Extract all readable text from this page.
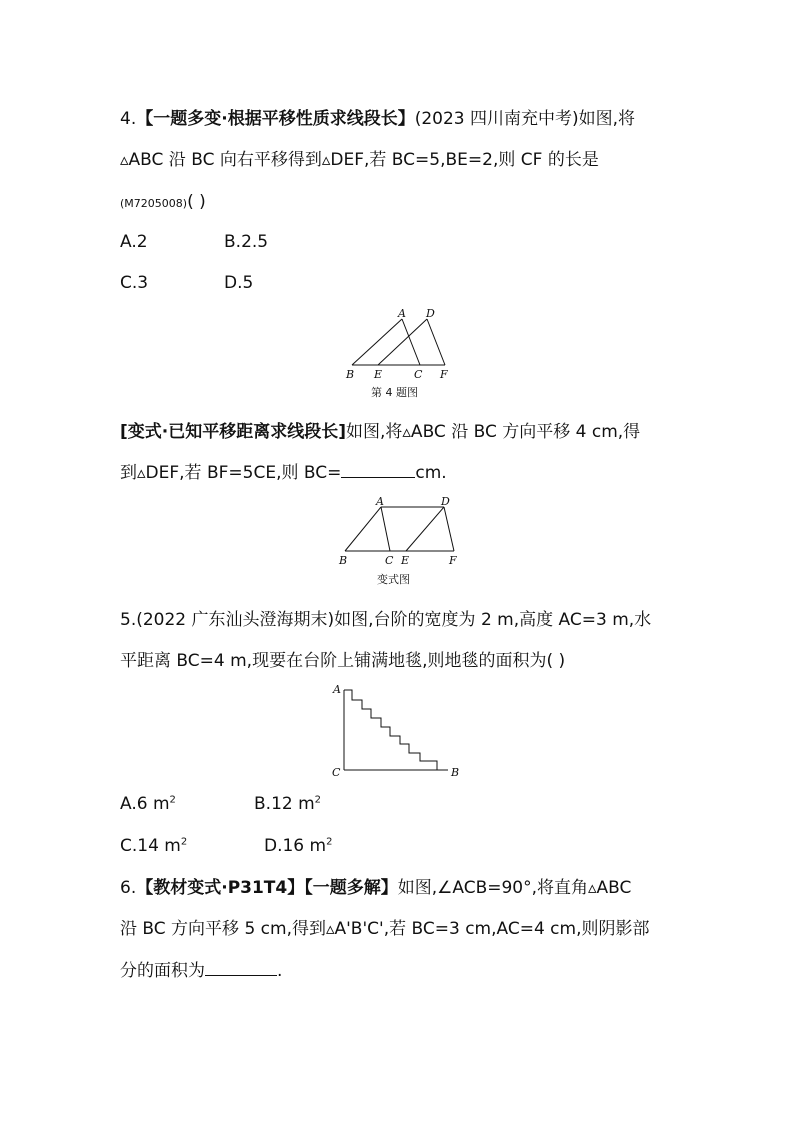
4.【一题多变·根据平移性质求线段长】(2023 四川南充中考)如图,将
▵ABC 沿 BC 向右平移得到▵DEF,若 BC=5,BE=2,则 CF 的长是
(M7205008)( )
A.2	B.2.5
C.3	D.5
A D
B E	C F
第 4 题图
[变式·已知平移距离求线段长]如图,将▵ABC 沿 BC 方向平移 4 cm,得
到▵DEF,若 BF=5CE,则 BC=	cm.
A	D
B	C E	F
变式图
5.(2022 广东汕头澄海期末)如图,台阶的宽度为 2 m,高度 AC=3 m,水
平距离 BC=4 m,现要在台阶上铺满地毯,则地毯的面积为( )
A
C	B
A.6 $m^2$	B.12 $m^2$
C.14 $m^2$	D.16 $m^2$
6.【教材变式·P31T4】【一题多解】如图,∠ACB=90°,将直角▵ABC
沿 BC 方向平移 5 cm,得到▵A'B'C',若 BC=3 cm,AC=4 cm,则阴影部
分的面积为	.
